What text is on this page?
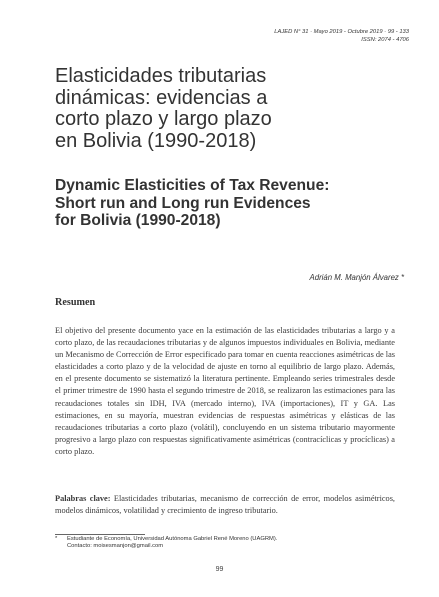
LAJED N° 31 · Mayo 2019 - Octubre 2019 · 99 - 133
ISSN: 2074 - 4706
Elasticidades tributarias
dinámicas: evidencias a
corto plazo y largo plazo
en Bolivia (1990-2018)
Dynamic Elasticities of Tax Revenue:
Short run and Long run Evidences
for Bolivia (1990-2018)
Adrián M. Manjón Álvarez *
Resumen

El objetivo del presente documento yace en la estimación de las elasticidades tributarias a largo y a corto plazo, de las recaudaciones tributarias y de algunos impuestos individuales en Bolivia, mediante un Mecanismo de Corrección de Error especificado para tomar en cuenta reacciones asimétricas de las elasticidades a corto plazo y de la velocidad de ajuste en torno al equilibrio de largo plazo. Además, en el presente documento se sistematizó la literatura pertinente. Empleando series trimestrales desde el primer trimestre de 1990 hasta el segundo trimestre de 2018, se realizaron las estimaciones para las recaudaciones totales sin IDH, IVA (mercado interno), IVA (importaciones), IT y GA. Las estimaciones, en su mayoría, muestran evidencias de respuestas asimétricas y elásticas de las recaudaciones tributarias a corto plazo (volátil), concluyendo en un sistema tributario mayormente progresivo a largo plazo con respuestas significativamente asimétricas (contracíclicas y procíclicas) a corto plazo.

Palabras clave: Elasticidades tributarias, mecanismo de corrección de error, modelos asimétricos, modelos dinámicos, volatilidad y crecimiento de ingreso tributario.

* Estudiante de Economía, Universidad Autónoma Gabriel René Moreno (UAGRM).
Contacto: moisesmanjon@gmail.com
99
